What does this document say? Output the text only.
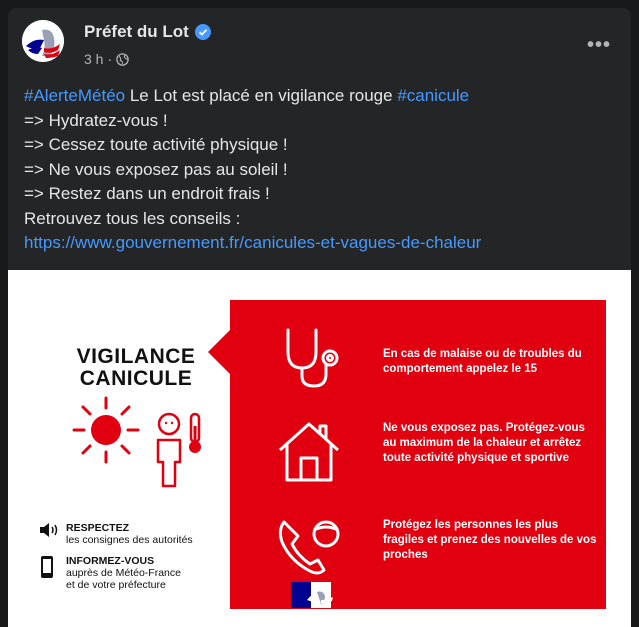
Préfet du Lot
3 h ·
•••
#AlerteMétéo Le Lot est placé en vigilance rouge #canicule
=> Hydratez-vous !
=> Cessez toute activité physique !
=> Ne vous exposez pas au soleil !
=> Restez dans un endroit frais !
Retrouvez tous les conseils :
https://www.gouvernement.fr/canicules-et-vagues-de-chaleur
VIGILANCE
CANICULE
RESPECTEZ
les consignes des autorités
INFORMEZ-VOUS
auprès de Météo-France
et de votre préfecture
En cas de malaise ou de troubles du comportement appelez le 15
Ne vous exposez pas. Protégez-vous au maximum de la chaleur et arrêtez toute activité physique et sportive
Protégez les personnes les plus fragiles et prenez des nouvelles de vos proches
